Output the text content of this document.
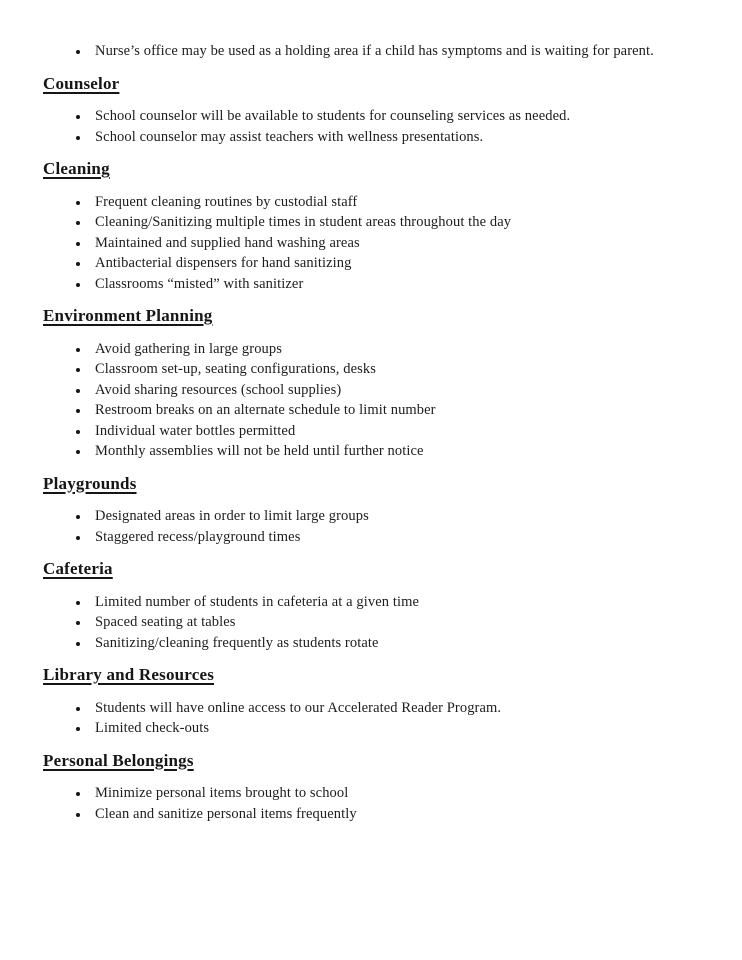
• Nurse’s office may be used as a holding area if a child has symptoms and is waiting for parent.
Counselor
• School counselor will be available to students for counseling services as needed.
• School counselor may assist teachers with wellness presentations.
Cleaning
• Frequent cleaning routines by custodial staff
• Cleaning/Sanitizing multiple times in student areas throughout the day
• Maintained and supplied hand washing areas
• Antibacterial dispensers for hand sanitizing
• Classrooms “misted” with sanitizer
Environment Planning
• Avoid gathering in large groups
• Classroom set-up, seating configurations, desks
• Avoid sharing resources (school supplies)
• Restroom breaks on an alternate schedule to limit number
• Individual water bottles permitted
• Monthly assemblies will not be held until further notice
Playgrounds
• Designated areas in order to limit large groups
• Staggered recess/playground times
Cafeteria
• Limited number of students in cafeteria at a given time
• Spaced seating at tables
• Sanitizing/cleaning frequently as students rotate
Library and Resources
• Students will have online access to our Accelerated Reader Program.
• Limited check-outs
Personal Belongings
• Minimize personal items brought to school
• Clean and sanitize personal items frequently
